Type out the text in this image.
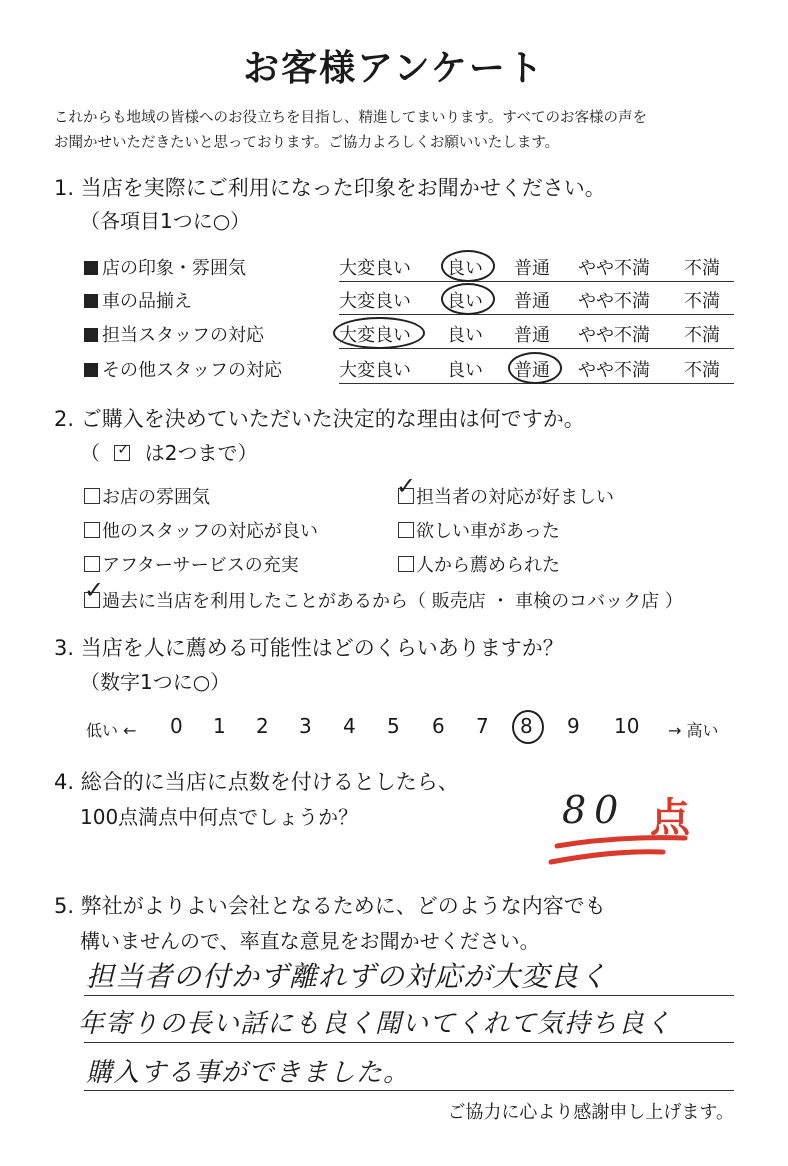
お客様アンケート
これからも地域の皆様へのお役立ちを目指し、精進してまいります。すべてのお客様の声を
お聞かせいただきたいと思っております。ご協力よろしくお願いいたします。
1. 当店を実際にご利用になった印象をお聞かせください。
（各項目1つに○）
店の印象・雰囲気	大変良い 良い 普通 やや不満 不満
車の品揃え	大変良い 良い 普通 やや不満 不満
担当スタッフの対応	大変良い 良い 普通 やや不満 不満
その他スタッフの対応	大変良い 良い 普通 やや不満 不満
2. ご購入を決めていただいた決定的な理由は何ですか。
（ ✓ は2つまで）
お店の雰囲気	担当者の対応が好ましい
他のスタッフの対応が良い	欲しい車があった
アフターサービスの充実	人から薦められた
過去に当店を利用したことがあるから（ 販売店 ・ 車検のコバック店 ）
✓
✓
3. 当店を人に薦める可能性はどのくらいありますか？
（数字1つに○）
低い ← 0 1 2 3 4 5 6 7 8 9 10 → 高い
4. 総合的に当店に点数を付けるとしたら、
100点満点中何点でしょうか？	80 点
5. 弊社がよりよい会社となるために、どのような内容でも
構いませんので、率直な意見をお聞かせください。
担当者の付かず離れずの対応が大変良く
年寄りの長い話にも良く聞いてくれて気持ち良く
購入する事ができました。
ご協力に心より感謝申し上げます。
